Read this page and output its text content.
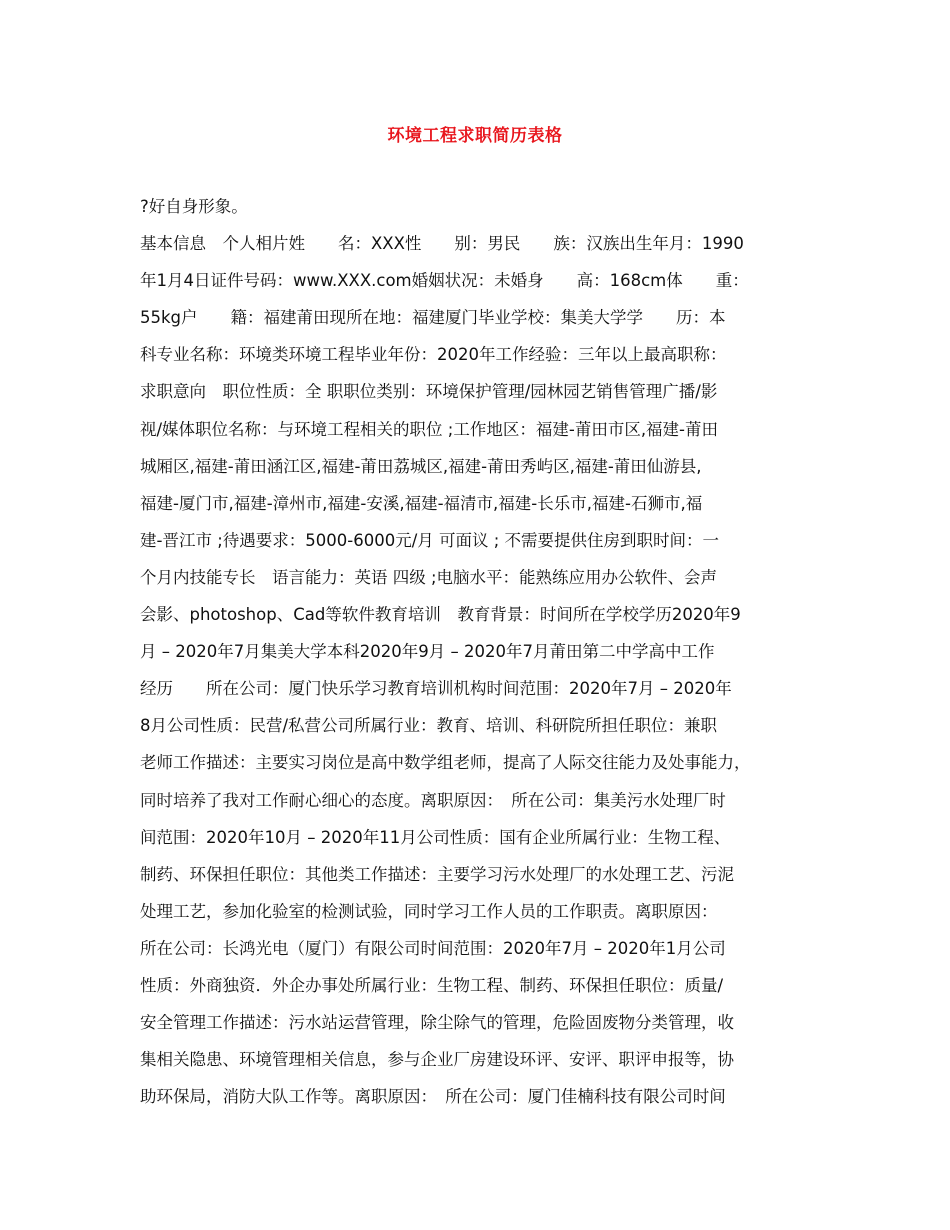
环境工程求职简历表格
?好自身形象。
基本信息　个人相片姓　　名：XXX性　　别：男民　　族：汉族出生年月：1990
年1月4日证件号码：www.XXX.com婚姻状况：未婚身　　高：168cm体　　重：
55kg户　　籍：福建莆田现所在地：福建厦门毕业学校：集美大学学　　历：本
科专业名称：环境类环境工程毕业年份：2020年工作经验：三年以上最高职称：
求职意向　职位性质：全 职职位类别：环境保护管理/园林园艺销售管理广播/影
视/媒体职位名称：与环境工程相关的职位 ;工作地区：福建-莆田市区,福建-莆田
城厢区,福建-莆田涵江区,福建-莆田荔城区,福建-莆田秀屿区,福建-莆田仙游县,
福建-厦门市,福建-漳州市,福建-安溪,福建-福清市,福建-长乐市,福建-石狮市,福
建-晋江市 ;待遇要求：5000-6000元/月 可面议 ; 不需要提供住房到职时间：一
个月内技能专长　语言能力：英语 四级 ;电脑水平：能熟练应用办公软件、会声
会影、photoshop、Cad等软件教育培训　教育背景：时间所在学校学历2020年9
月 – 2020年7月集美大学本科2020年9月 – 2020年7月莆田第二中学高中工作
经历　　所在公司：厦门快乐学习教育培训机构时间范围：2020年7月 – 2020年
8月公司性质：民营/私营公司所属行业：教育、培训、科研院所担任职位：兼职
老师工作描述：主要实习岗位是高中数学组老师，提高了人际交往能力及处事能力，
同时培养了我对工作耐心细心的态度。离职原因：　所在公司：集美污水处理厂时
间范围：2020年10月 – 2020年11月公司性质：国有企业所属行业：生物工程、
制药、环保担任职位：其他类工作描述：主要学习污水处理厂的水处理工艺、污泥
处理工艺，参加化验室的检测试验，同时学习工作人员的工作职责。离职原因：
所在公司：长鸿光电（厦门）有限公司时间范围：2020年7月 – 2020年1月公司
性质：外商独资．外企办事处所属行业：生物工程、制药、环保担任职位：质量/
安全管理工作描述：污水站运营管理，除尘除气的管理，危险固废物分类管理，收
集相关隐患、环境管理相关信息，参与企业厂房建设环评、安评、职评申报等，协
助环保局，消防大队工作等。离职原因：　所在公司：厦门佳楠科技有限公司时间
